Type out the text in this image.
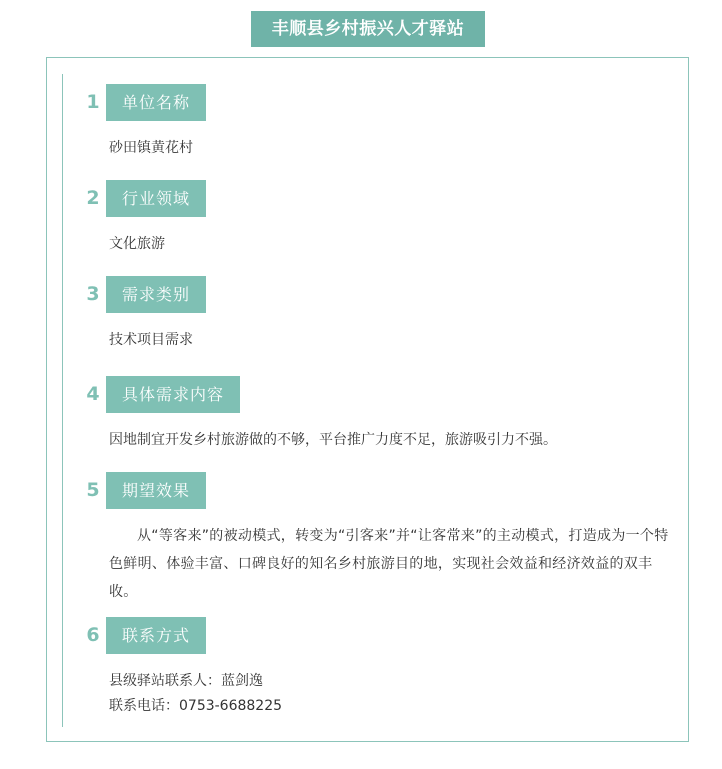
丰顺县乡村振兴人才驿站
1	单位名称
砂田镇黄花村
2	行业领域
文化旅游
3	需求类别
技术项目需求
4	具体需求内容
因地制宜开发乡村旅游做的不够，平台推广力度不足，旅游吸引力不强。
5	期望效果
从“等客来”的被动模式，转变为“引客来”并“让客常来”的主动模式，打造成为一个特色鲜明、体验丰富、口碑良好的知名乡村旅游目的地，实现社会效益和经济效益的双丰收。
6	联系方式
县级驿站联系人：蓝剑逸
联系电话：0753-6688225
